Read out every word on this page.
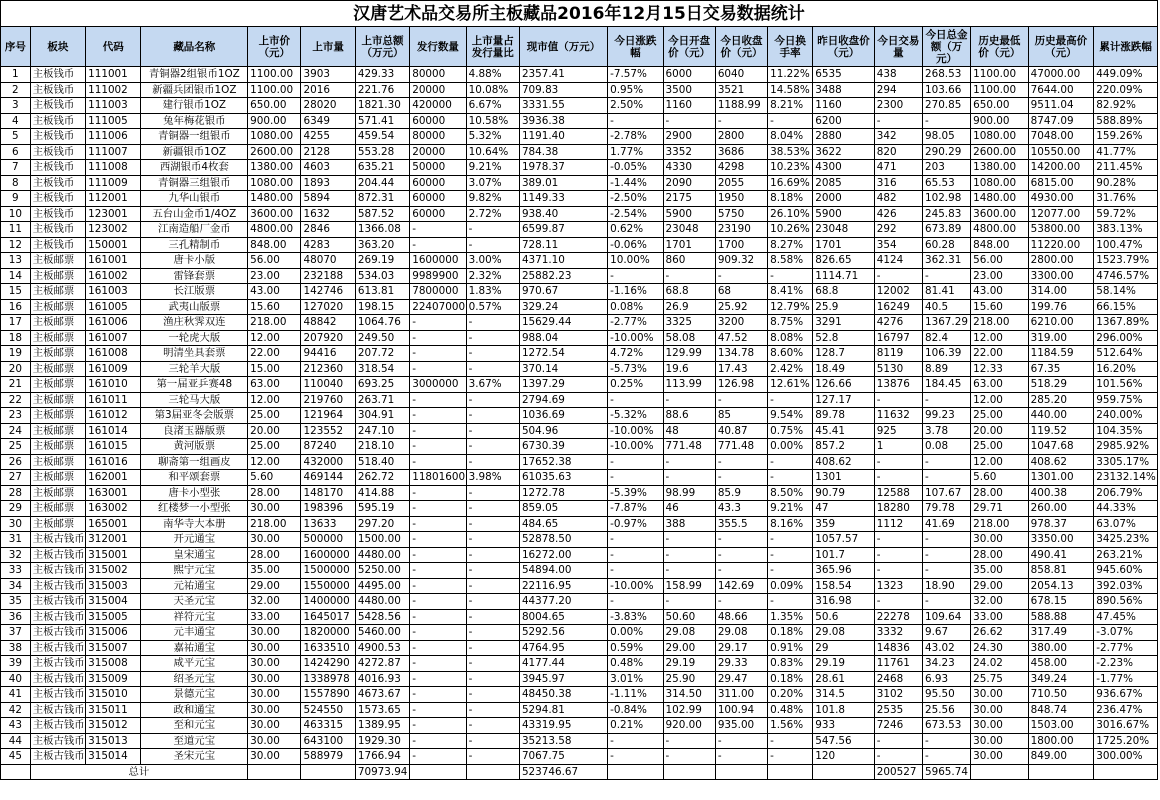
汉唐艺术品交易所主板藏品2016年12月15日交易数据统计
序号	板块	代码	藏品名称	上市价（元）	上市量	上市总额（万元）	发行数量	上市量占发行量比	现市值（万元）	今日涨跌幅	今日开盘价（元）	今日收盘价（元）	今日换手率	昨日收盘价（元）	今日交易量	今日总金额（万元）	历史最低价（元）	历史最高价（元）	累计涨跌幅
1	主板钱币	111001	青铜器2组银币1OZ	1100.00	3903	429.33	80000	4.88%	2357.41	-7.57%	6000	6040	11.22%	6535	438	268.53	1100.00	47000.00	449.09%
2	主板钱币	111002	新疆兵团银币1OZ	1100.00	2016	221.76	20000	10.08%	709.83	0.95%	3500	3521	14.58%	3488	294	103.66	1100.00	7644.00	220.09%
3	主板钱币	111003	建行银币1OZ	650.00	28020	1821.30	420000	6.67%	3331.55	2.50%	1160	1188.99	8.21%	1160	2300	270.85	650.00	9511.04	82.92%
4	主板钱币	111005	兔年梅花银币	900.00	6349	571.41	60000	10.58%	3936.38	-	-	-	-	6200	-	-	900.00	8747.09	588.89%
5	主板钱币	111006	青铜器一组银币	1080.00	4255	459.54	80000	5.32%	1191.40	-2.78%	2900	2800	8.04%	2880	342	98.05	1080.00	7048.00	159.26%
6	主板钱币	111007	新疆银币1OZ	2600.00	2128	553.28	20000	10.64%	784.38	1.77%	3352	3686	38.53%	3622	820	290.29	2600.00	10550.00	41.77%
7	主板钱币	111008	西湖银币4枚套	1380.00	4603	635.21	50000	9.21%	1978.37	-0.05%	4330	4298	10.23%	4300	471	203	1380.00	14200.00	211.45%
8	主板钱币	111009	青铜器三组银币	1080.00	1893	204.44	60000	3.07%	389.01	-1.44%	2090	2055	16.69%	2085	316	65.53	1080.00	6815.00	90.28%
9	主板钱币	112001	九华山银币	1480.00	5894	872.31	60000	9.82%	1149.33	-2.50%	2175	1950	8.18%	2000	482	102.98	1480.00	4930.00	31.76%
10	主板钱币	123001	五台山金币1/4OZ	3600.00	1632	587.52	60000	2.72%	938.40	-2.54%	5900	5750	26.10%	5900	426	245.83	3600.00	12077.00	59.72%
11	主板钱币	123002	江南造船厂金币	4800.00	2846	1366.08	-	-	6599.87	0.62%	23048	23190	10.26%	23048	292	673.89	4800.00	53800.00	383.13%
12	主板钱币	150001	三孔精制币	848.00	4283	363.20	-	-	728.11	-0.06%	1701	1700	8.27%	1701	354	60.28	848.00	11220.00	100.47%
13	主板邮票	161001	唐卡小版	56.00	48070	269.19	1600000	3.00%	4371.10	10.00%	860	909.32	8.58%	826.65	4124	362.31	56.00	2800.00	1523.79%
14	主板邮票	161002	雷锋套票	23.00	232188	534.03	9989900	2.32%	25882.23	-	-	-	-	1114.71	-	-	23.00	3300.00	4746.57%
15	主板邮票	161003	长江版票	43.00	142746	613.81	7800000	1.83%	970.67	-1.16%	68.8	68	8.41%	68.8	12002	81.41	43.00	314.00	58.14%
16	主板邮票	161005	武夷山版票	15.60	127020	198.15	22407000	0.57%	329.24	0.08%	26.9	25.92	12.79%	25.9	16249	40.5	15.60	199.76	66.15%
17	主板邮票	161006	渔庄秋霁双连	218.00	48842	1064.76	-	-	15629.44	-2.77%	3325	3200	8.75%	3291	4276	1367.29	218.00	6210.00	1367.89%
18	主板邮票	161007	一轮虎大版	12.00	207920	249.50	-	-	988.04	-10.00%	58.08	47.52	8.08%	52.8	16797	82.4	12.00	319.00	296.00%
19	主板邮票	161008	明清坐具套票	22.00	94416	207.72	-	-	1272.54	4.72%	129.99	134.78	8.60%	128.7	8119	106.39	22.00	1184.59	512.64%
20	主板邮票	161009	三轮羊大版	15.00	212360	318.54	-	-	370.14	-5.73%	19.6	17.43	2.42%	18.49	5130	8.89	12.33	67.35	16.20%
21	主板邮票	161010	第一届亚乒赛48	63.00	110040	693.25	3000000	3.67%	1397.29	0.25%	113.99	126.98	12.61%	126.66	13876	184.45	63.00	518.29	101.56%
22	主板邮票	161011	三轮马大版	12.00	219760	263.71	-	-	2794.69	-	-	-	-	127.17	-	-	12.00	285.20	959.75%
23	主板邮票	161012	第3届亚冬会版票	25.00	121964	304.91	-	-	1036.69	-5.32%	88.6	85	9.54%	89.78	11632	99.23	25.00	440.00	240.00%
24	主板邮票	161014	良渚玉器版票	20.00	123552	247.10	-	-	504.96	-10.00%	48	40.87	0.75%	45.41	925	3.78	20.00	119.52	104.35%
25	主板邮票	161015	黄河版票	25.00	87240	218.10	-	-	6730.39	-10.00%	771.48	771.48	0.00%	857.2	1	0.08	25.00	1047.68	2985.92%
26	主板邮票	161016	聊斋第一组画皮	12.00	432000	518.40	-	-	17652.38	-	-	-	-	408.62	-	-	12.00	408.62	3305.17%
27	主板邮票	162001	和平颂套票	5.60	469144	262.72	11801600	3.98%	61035.63	-	-	-	-	1301	-	-	5.60	1301.00	23132.14%
28	主板邮票	163001	唐卡小型张	28.00	148170	414.88	-	-	1272.78	-5.39%	98.99	85.9	8.50%	90.79	12588	107.67	28.00	400.38	206.79%
29	主板邮票	163002	红楼梦一小型张	30.00	198396	595.19	-	-	859.05	-7.87%	46	43.3	9.21%	47	18280	79.78	29.71	260.00	44.33%
30	主板邮票	165001	南华寺大本册	218.00	13633	297.20	-	-	484.65	-0.97%	388	355.5	8.16%	359	1112	41.69	218.00	978.37	63.07%
31	主板古钱币	312001	开元通宝	30.00	500000	1500.00	-	-	52878.50	-	-	-	-	1057.57	-	-	30.00	3350.00	3425.23%
32	主板古钱币	315001	皇宋通宝	28.00	1600000	4480.00	-	-	16272.00	-	-	-	-	101.7	-	-	28.00	490.41	263.21%
33	主板古钱币	315002	熙宁元宝	35.00	1500000	5250.00	-	-	54894.00	-	-	-	-	365.96	-	-	35.00	858.81	945.60%
34	主板古钱币	315003	元祐通宝	29.00	1550000	4495.00	-	-	22116.95	-10.00%	158.99	142.69	0.09%	158.54	1323	18.90	29.00	2054.13	392.03%
35	主板古钱币	315004	天圣元宝	32.00	1400000	4480.00	-	-	44377.20	-	-	-	-	316.98	-	-	32.00	678.15	890.56%
36	主板古钱币	315005	祥符元宝	33.00	1645017	5428.56	-	-	8004.65	-3.83%	50.60	48.66	1.35%	50.6	22278	109.64	33.00	588.88	47.45%
37	主板古钱币	315006	元丰通宝	30.00	1820000	5460.00	-	-	5292.56	0.00%	29.08	29.08	0.18%	29.08	3332	9.67	26.62	317.49	-3.07%
38	主板古钱币	315007	嘉祐通宝	30.00	1633510	4900.53	-	-	4764.95	0.59%	29.00	29.17	0.91%	29	14836	43.02	24.30	380.00	-2.77%
39	主板古钱币	315008	咸平元宝	30.00	1424290	4272.87	-	-	4177.44	0.48%	29.19	29.33	0.83%	29.19	11761	34.23	24.02	458.00	-2.23%
40	主板古钱币	315009	绍圣元宝	30.00	1338978	4016.93	-	-	3945.97	3.01%	25.90	29.47	0.18%	28.61	2468	6.93	25.75	349.24	-1.77%
41	主板古钱币	315010	景德元宝	30.00	1557890	4673.67	-	-	48450.38	-1.11%	314.50	311.00	0.20%	314.5	3102	95.50	30.00	710.50	936.67%
42	主板古钱币	315011	政和通宝	30.00	524550	1573.65	-	-	5294.81	-0.84%	102.99	100.94	0.48%	101.8	2535	25.56	30.00	848.74	236.47%
43	主板古钱币	315012	至和元宝	30.00	463315	1389.95	-	-	43319.95	0.21%	920.00	935.00	1.56%	933	7246	673.53	30.00	1503.00	3016.67%
44	主板古钱币	315013	至道元宝	30.00	643100	1929.30	-	-	35213.58	-	-	-	-	547.56	-	-	30.00	1800.00	1725.20%
45	主板古钱币	315014	圣宋元宝	30.00	588979	1766.94	-	-	7067.75	-	-	-	-	120	-	-	30.00	849.00	300.00%
	总计					70973.94			523746.67						200527	5965.74			
